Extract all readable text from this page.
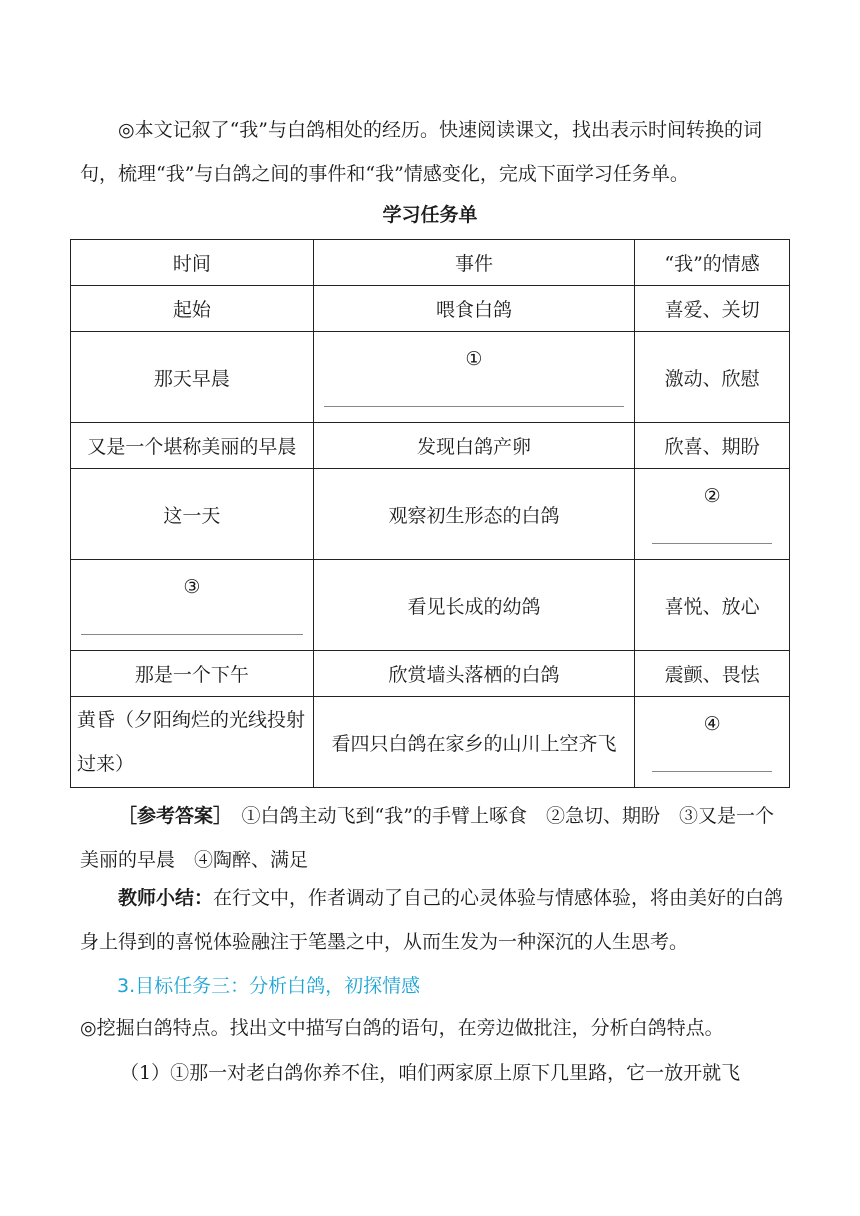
◎本文记叙了“我”与白鸽相处的经历。快速阅读课文，找出表示时间转换的词句，梳理“我”与白鸽之间的事件和“我”情感变化，完成下面学习任务单。

学习任务单
时间	事件	“我”的情感
起始	喂食白鸽	喜爱、关切
那天早晨	①	激动、欣慰
又是一个堪称美丽的早晨	发现白鸽产卵	欣喜、期盼
这一天	观察初生形态的白鸽	②

③	看见长成的幼鸽	喜悦、放心
那是一个下午	欣赏墙头落栖的白鸽	震颤、畏怯
黄昏（夕阳绚烂的光线投射过来）	看四只白鸽在家乡的山川上空齐飞	④

［参考答案］　 ①白鸽主动飞到“我”的手臂上啄食　②急切、期盼　③又是一个美丽的早晨　④陶醉、满足

教师小结：在行文中，作者调动了自己的心灵体验与情感体验，将由美好的白鸽身上得到的喜悦体验融注于笔墨之中，从而生发为一种深沉的人生思考。

3.目标任务三：分析白鸽，初探情感

◎挖掘白鸽特点。找出文中描写白鸽的语句，在旁边做批注，分析白鸽特点。

（1）①那一对老白鸽你养不住，咱们两家原上原下几里路，它一放开就飞
